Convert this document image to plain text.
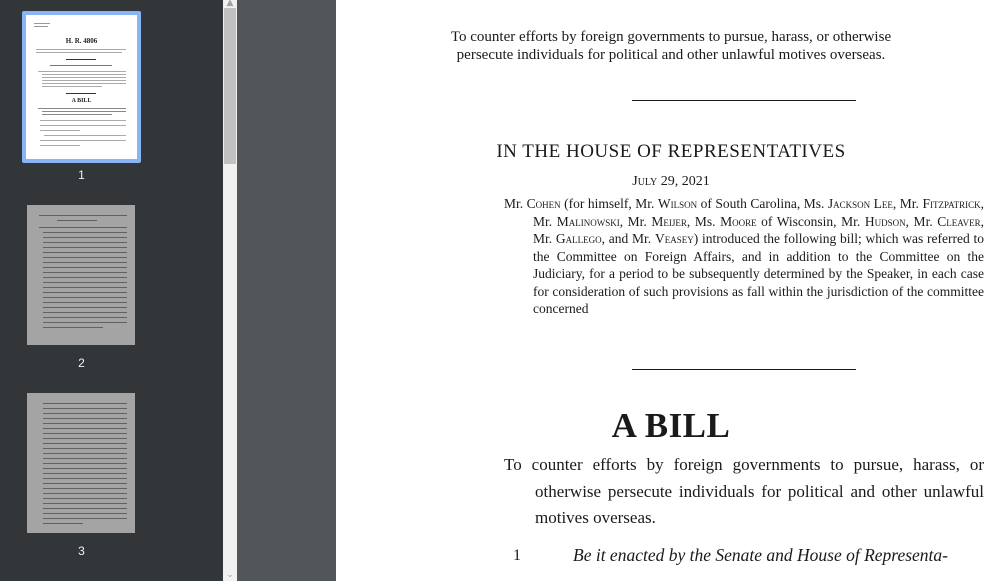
H. R. 4806
A BILL
1
2
3
▲
⌄
To counter efforts by foreign governments to pursue, harass, or otherwise
persecute individuals for political and other unlawful motives overseas.
IN THE HOUSE OF REPRESENTATIVES
July 29, 2021
Mr. Cohen (for himself, Mr. Wilson of South Carolina, Ms. Jackson Lee, Mr. Fitzpatrick, Mr. Malinowski, Mr. Meijer, Ms. Moore of Wisconsin, Mr. Hudson, Mr. Cleaver, Mr. Gallego, and Mr. Veasey) introduced the following bill; which was referred to the Committee on Foreign Affairs, and in addition to the Committee on the Judiciary, for a period to be subsequently determined by the Speaker, in each case for consideration of such provisions as fall within the jurisdiction of the committee concerned
A BILL
To counter efforts by foreign governments to pursue, harass, or otherwise persecute individuals for political and other unlawful motives overseas.
1	Be it enacted by the Senate and House of Representa-
